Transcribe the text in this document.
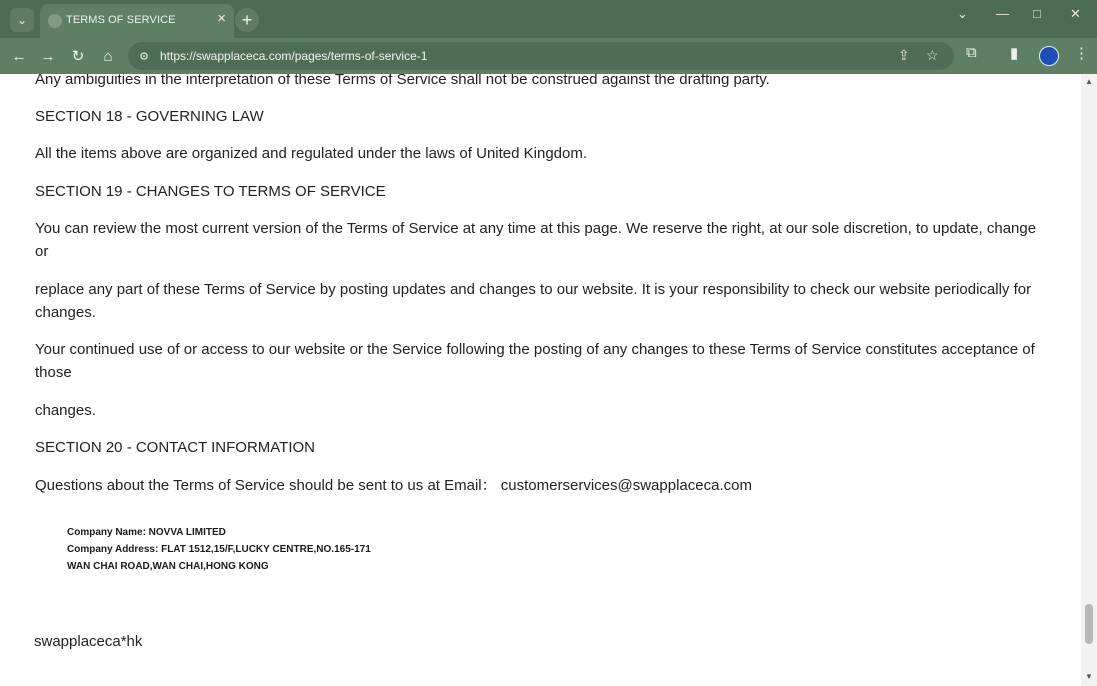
⌄	TERMS OF SERVICE	× +	⌄ — □ ✕
← →	↻	⌂	⚙ https://swapplaceca.com/pages/terms-of-service-1	⇪ ☆ ⧉ ▮	⋮
Any ambiguities in the interpretation of these Terms of Service shall not be construed against the drafting party.
SECTION 18 - GOVERNING LAW
All the items above are organized and regulated under the laws of United Kingdom.
SECTION 19 - CHANGES TO TERMS OF SERVICE
You can review the most current version of the Terms of Service at any time at this page. We reserve the right, at our sole discretion, to update, change
or
replace any part of these Terms of Service by posting updates and changes to our website. It is your responsibility to check our website periodically for
changes.
Your continued use of or access to our website or the Service following the posting of any changes to these Terms of Service constitutes acceptance of
those
changes.
SECTION 20 - CONTACT INFORMATION
Questions about the Terms of Service should be sent to us at Email： customerservices@swapplaceca.com
Company Name: NOVVA LIMITED
Company Address: FLAT 1512,15/F,LUCKY CENTRE,NO.165-171
WAN CHAI ROAD,WAN CHAI,HONG KONG
swapplaceca*hk
▲
▼
